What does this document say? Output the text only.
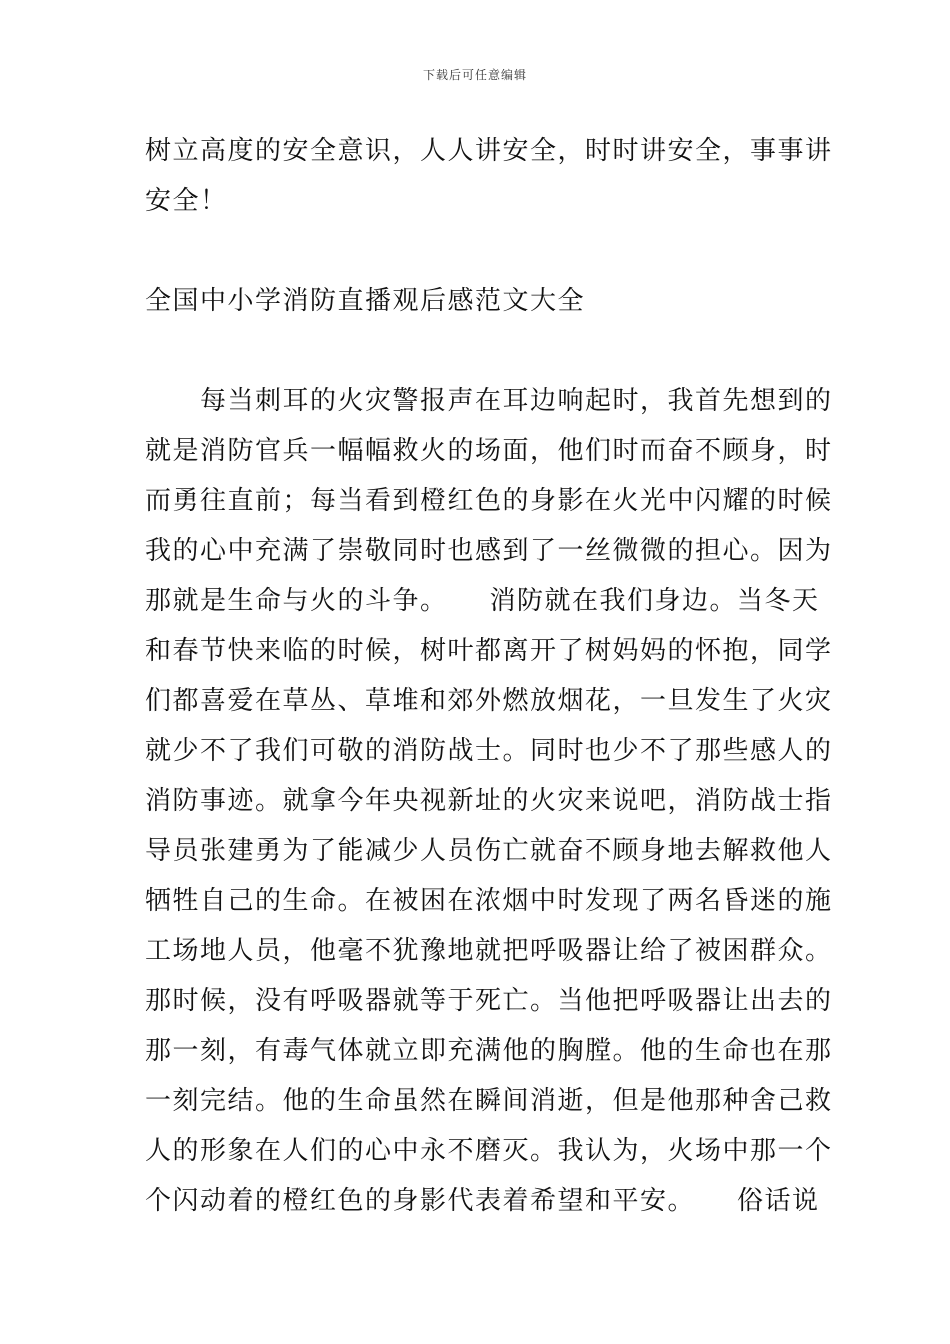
下载后可任意编辑
树立高度的安全意识，人人讲安全，时时讲安全，事事讲
安全！
全国中小学消防直播观后感范文大全
　　每当刺耳的火灾警报声在耳边响起时，我首先想到的
就是消防官兵一幅幅救火的场面，他们时而奋不顾身，时
而勇往直前；每当看到橙红色的身影在火光中闪耀的时候
我的心中充满了崇敬同时也感到了一丝微微的担心。因为
那就是生命与火的斗争。　　消防就在我们身边。当冬天
和春节快来临的时候，树叶都离开了树妈妈的怀抱，同学
们都喜爱在草丛、草堆和郊外燃放烟花，一旦发生了火灾
就少不了我们可敬的消防战士。同时也少不了那些感人的
消防事迹。就拿今年央视新址的火灾来说吧，消防战士指
导员张建勇为了能减少人员伤亡就奋不顾身地去解救他人
牺牲自己的生命。在被困在浓烟中时发现了两名昏迷的施
工场地人员，他毫不犹豫地就把呼吸器让给了被困群众。
那时候，没有呼吸器就等于死亡。当他把呼吸器让出去的
那一刻，有毒气体就立即充满他的胸膛。他的生命也在那
一刻完结。他的生命虽然在瞬间消逝，但是他那种舍己救
人的形象在人们的心中永不磨灭。我认为，火场中那一个
个闪动着的橙红色的身影代表着希望和平安。　　俗话说
